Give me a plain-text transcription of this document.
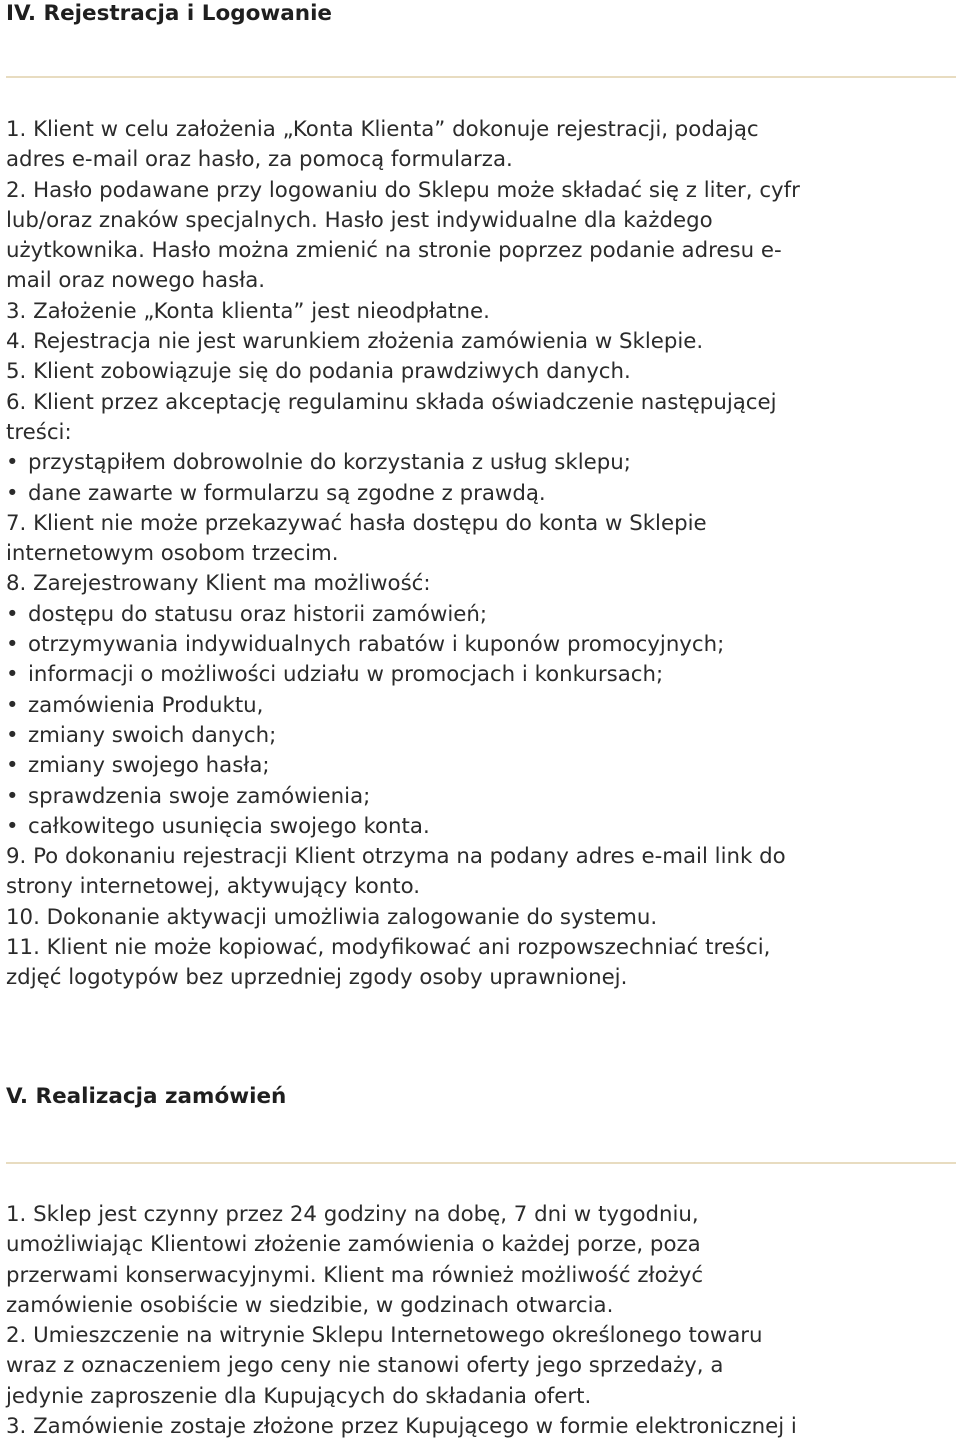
IV. Rejestracja i Logowanie
1. Klient w celu założenia „Konta Klienta” dokonuje rejestracji, podając
adres e-mail oraz hasło, za pomocą formularza.
2. Hasło podawane przy logowaniu do Sklepu może składać się z liter, cyfr
lub/oraz znaków specjalnych. Hasło jest indywidualne dla każdego
użytkownika. Hasło można zmienić na stronie poprzez podanie adresu e-
mail oraz nowego hasła.
3. Założenie „Konta klienta” jest nieodpłatne.
4. Rejestracja nie jest warunkiem złożenia zamówienia w Sklepie.
5. Klient zobowiązuje się do podania prawdziwych danych.
6. Klient przez akceptację regulaminu składa oświadczenie następującej
treści:
• przystąpiłem dobrowolnie do korzystania z usług sklepu;
• dane zawarte w formularzu są zgodne z prawdą.
7. Klient nie może przekazywać hasła dostępu do konta w Sklepie
internetowym osobom trzecim.
8. Zarejestrowany Klient ma możliwość:
• dostępu do statusu oraz historii zamówień;
• otrzymywania indywidualnych rabatów i kuponów promocyjnych;
• informacji o możliwości udziału w promocjach i konkursach;
• zamówienia Produktu,
• zmiany swoich danych;
• zmiany swojego hasła;
• sprawdzenia swoje zamówienia;
• całkowitego usunięcia swojego konta.
9. Po dokonaniu rejestracji Klient otrzyma na podany adres e-mail link do
strony internetowej, aktywujący konto.
10. Dokonanie aktywacji umożliwia zalogowanie do systemu.
11. Klient nie może kopiować, modyfikować ani rozpowszechniać treści,
zdjęć logotypów bez uprzedniej zgody osoby uprawnionej.
V. Realizacja zamówień
1. Sklep jest czynny przez 24 godziny na dobę, 7 dni w tygodniu,
umożliwiając Klientowi złożenie zamówienia o każdej porze, poza
przerwami konserwacyjnymi. Klient ma również możliwość złożyć
zamówienie osobiście w siedzibie, w godzinach otwarcia.
2. Umieszczenie na witrynie Sklepu Internetowego określonego towaru
wraz z oznaczeniem jego ceny nie stanowi oferty jego sprzedaży, a
jedynie zaproszenie dla Kupujących do składania ofert.
3. Zamówienie zostaje złożone przez Kupującego w formie elektronicznej i
